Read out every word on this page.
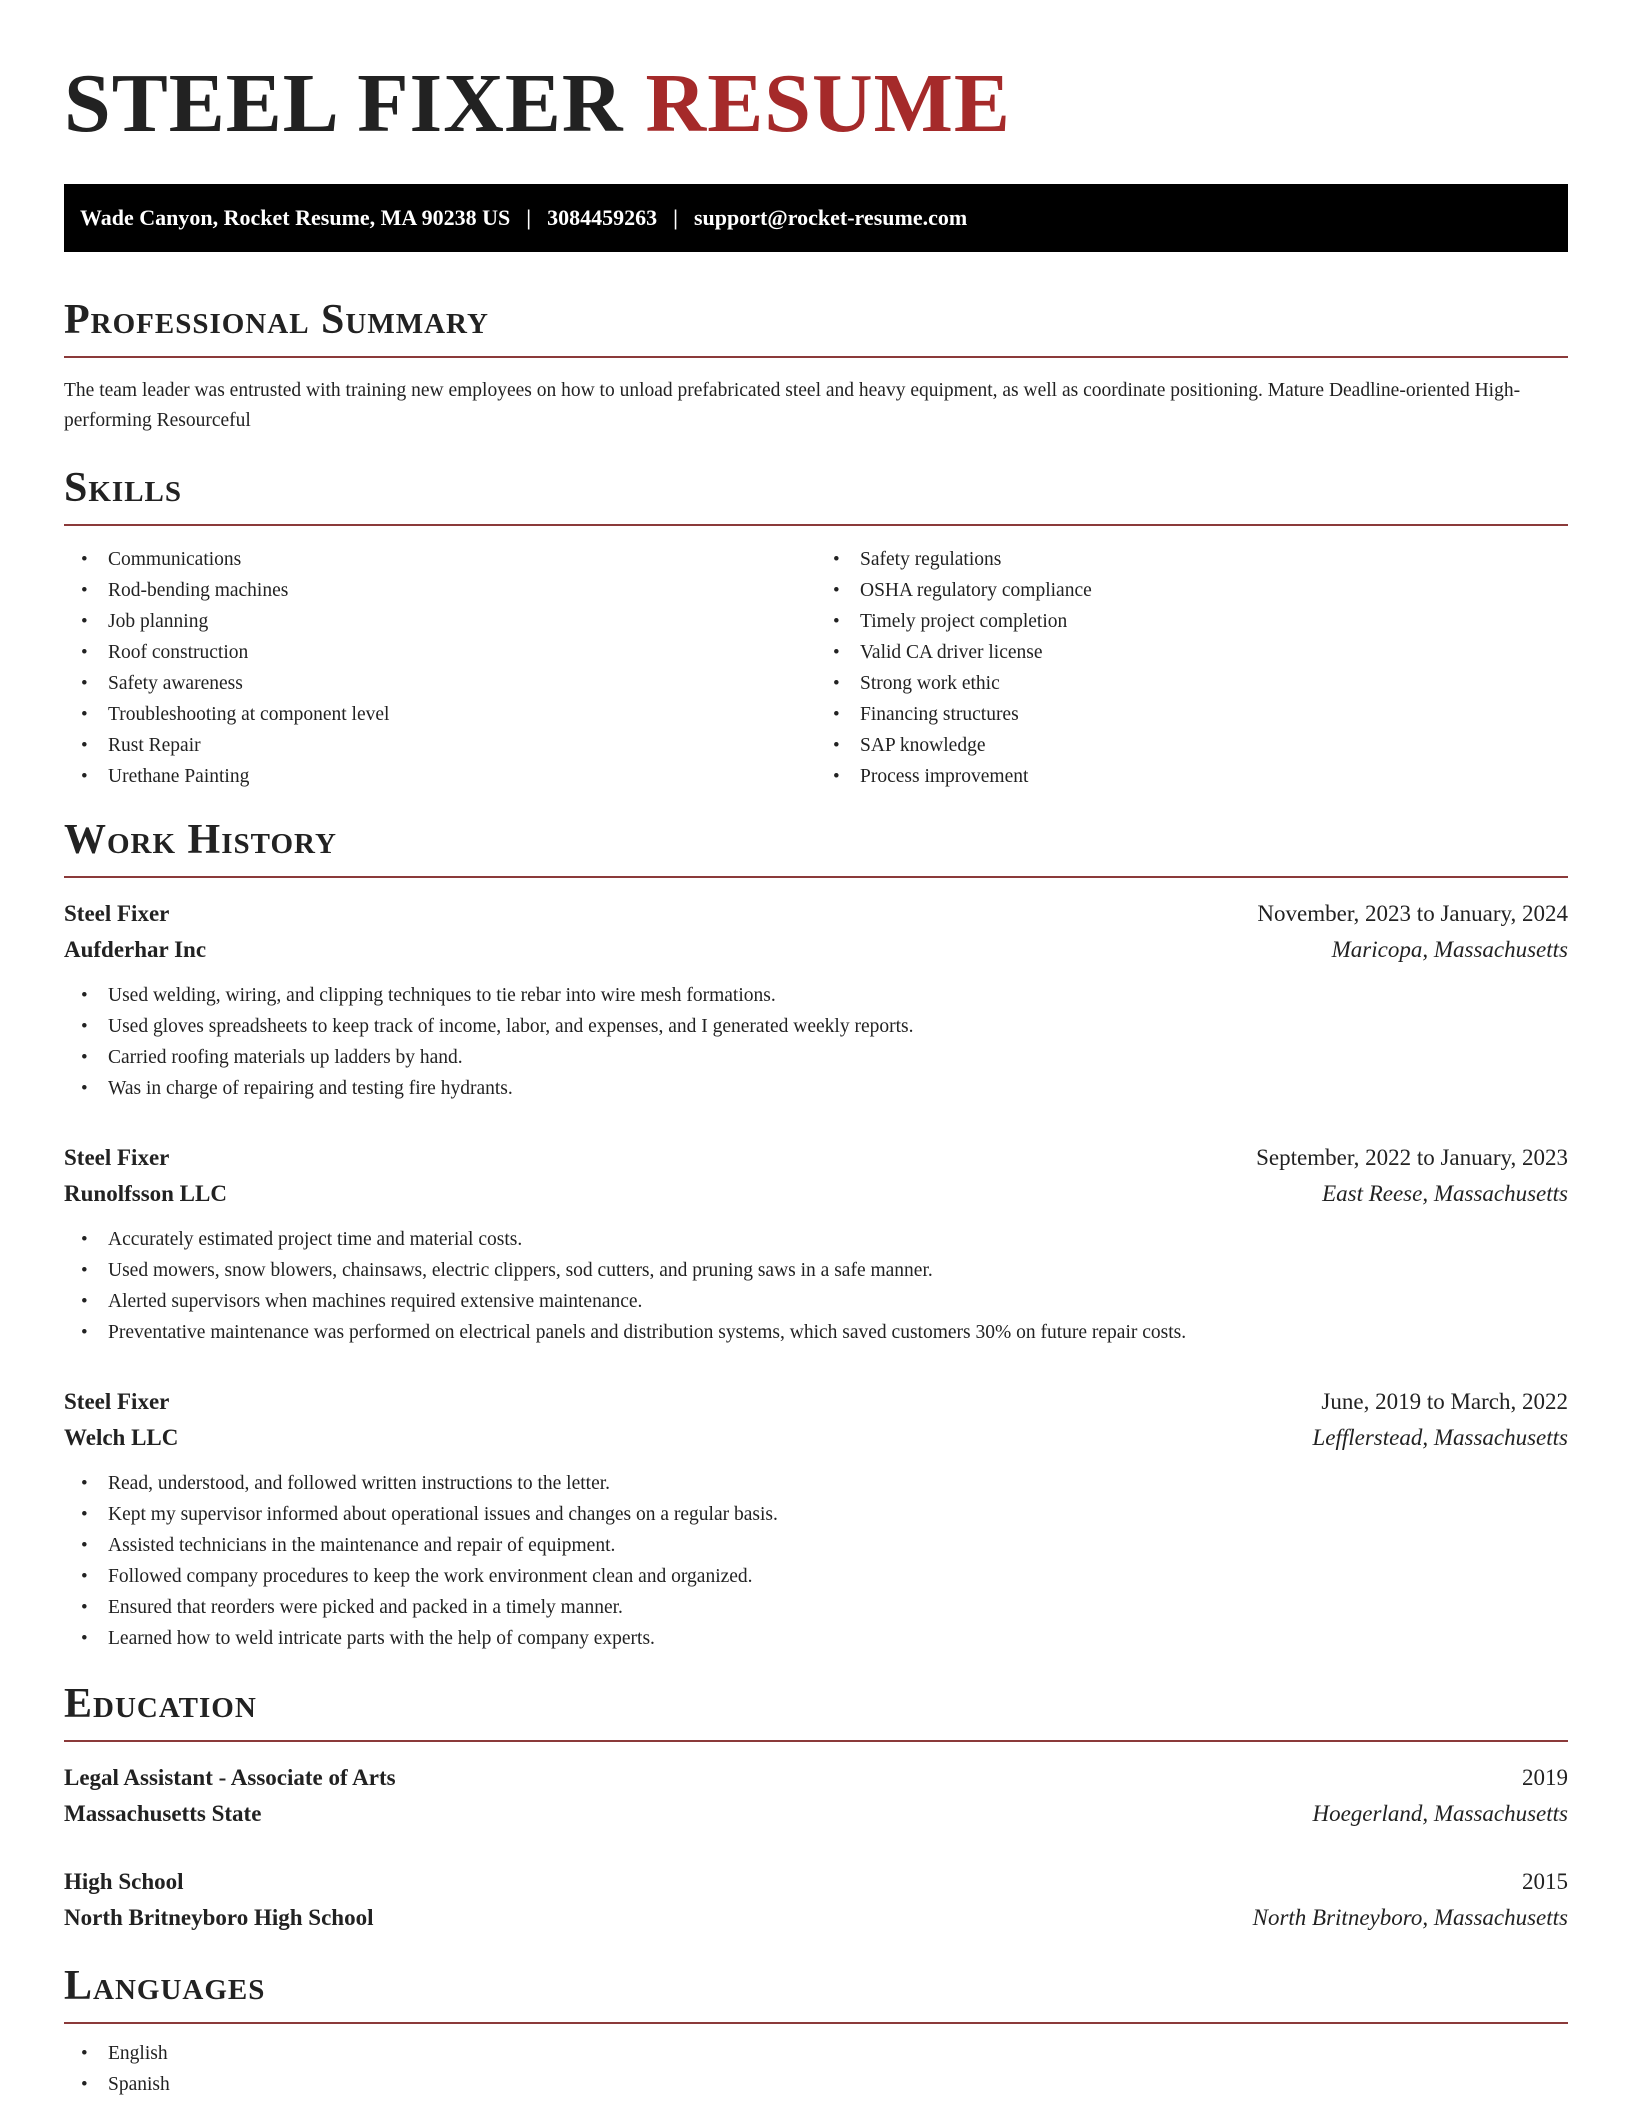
STEEL FIXER RESUME
Wade Canyon, Rocket Resume, MA 90238 US | 3084459263 | support@rocket-resume.com
Professional Summary

The team leader was entrusted with training new employees on how to unload prefabricated steel and heavy equipment, as well as coordinate positioning. Mature Deadline-oriented High-performing Resourceful

Skills
• Communications
• Rod-bending machines
• Job planning
• Roof construction
• Safety awareness
• Troubleshooting at component level
• Rust Repair
• Urethane Painting
• Safety regulations
• OSHA regulatory compliance
• Timely project completion
• Valid CA driver license
• Strong work ethic
• Financing structures
• SAP knowledge
• Process improvement
Work History
Steel Fixer	November, 2023 to January, 2024
Aufderhar Inc	Maricopa, Massachusetts
• Used welding, wiring, and clipping techniques to tie rebar into wire mesh formations.
• Used gloves spreadsheets to keep track of income, labor, and expenses, and I generated weekly reports.
• Carried roofing materials up ladders by hand.
• Was in charge of repairing and testing fire hydrants.
Steel Fixer	September, 2022 to January, 2023
Runolfsson LLC	East Reese, Massachusetts
• Accurately estimated project time and material costs.
• Used mowers, snow blowers, chainsaws, electric clippers, sod cutters, and pruning saws in a safe manner.
• Alerted supervisors when machines required extensive maintenance.
• Preventative maintenance was performed on electrical panels and distribution systems, which saved customers 30% on future repair costs.
Steel Fixer	June, 2019 to March, 2022
Welch LLC	Lefflerstead, Massachusetts
• Read, understood, and followed written instructions to the letter.
• Kept my supervisor informed about operational issues and changes on a regular basis.
• Assisted technicians in the maintenance and repair of equipment.
• Followed company procedures to keep the work environment clean and organized.
• Ensured that reorders were picked and packed in a timely manner.
• Learned how to weld intricate parts with the help of company experts.
Education
Legal Assistant - Associate of Arts	2019
Massachusetts State	Hoegerland, Massachusetts
High School	2015
North Britneyboro High School	North Britneyboro, Massachusetts
Languages
• English
• Spanish
